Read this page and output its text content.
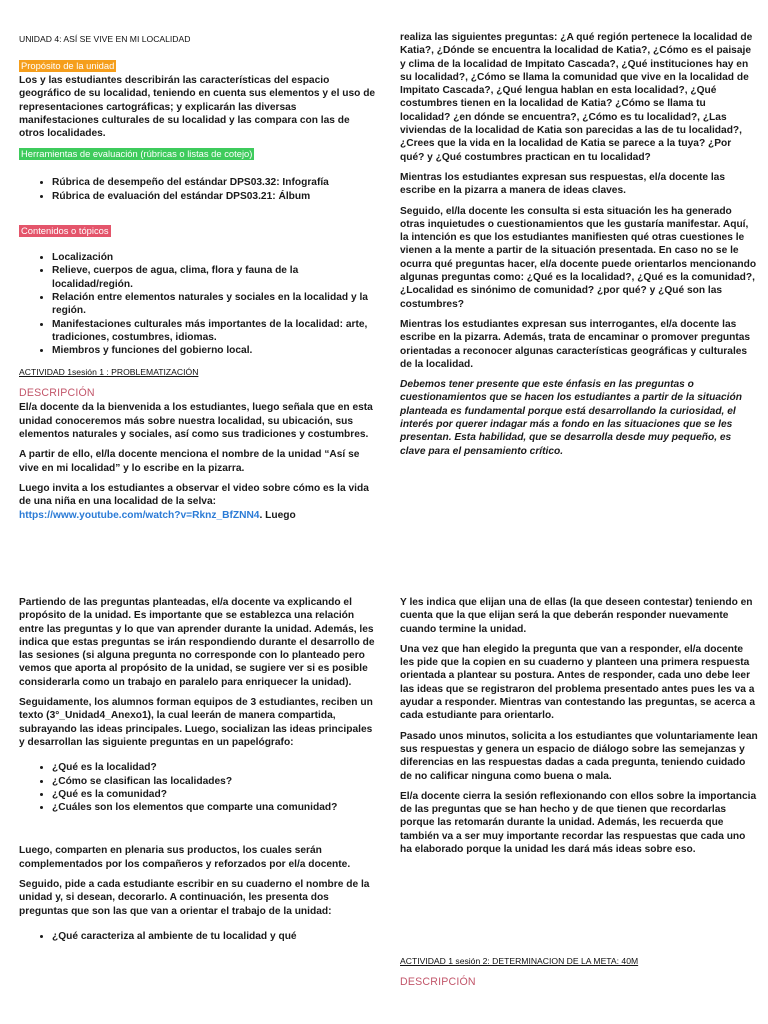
UNIDAD 4: ASÍ SE VIVE EN MI LOCALIDAD
Propósito de la unidad

Los y las estudiantes describirán las características del espacio geográfico de su localidad, teniendo en cuenta sus elementos y el uso de representaciones cartográficas; y explicarán las diversas manifestaciones culturales de su localidad y las compara con las de otros localidades.

Herramientas de evaluación (rúbricas o listas de cotejo)
• Rúbrica de desempeño del estándar DPS03.32: Infografía
• Rúbrica de evaluación del estándar DPS03.21: Álbum
Contenidos o tópicos
• Localización
• Relieve, cuerpos de agua, clima, flora y fauna de la localidad/región.
• Relación entre elementos naturales y sociales en la localidad y la región.
• Manifestaciones culturales más importantes de la localidad: arte, tradiciones, costumbres, idiomas.
• Miembros y funciones del gobierno local.
ACTIVIDAD 1sesión 1 : PROBLEMATIZACIÓN
DESCRIPCIÓN

El/a docente da la bienvenida a los estudiantes, luego señala que en esta unidad conoceremos más sobre nuestra localidad, su ubicación, sus elementos naturales y sociales, así como sus tradiciones y costumbres.

A partir de ello, el/la docente menciona el nombre de la unidad “Así se vive en mi localidad” y lo escribe en la pizarra.

Luego invita a los estudiantes a observar el video sobre cómo es la vida de una niña en una localidad de la selva: https://www.youtube.com/watch?v=Rknz_BfZNN4. Luego

realiza las siguientes preguntas: ¿A qué región pertenece la localidad de Katia?, ¿Dónde se encuentra la localidad de Katia?, ¿Cómo es el paisaje y clima de la localidad de Impitato Cascada?, ¿Qué instituciones hay en su localidad?, ¿Cómo se llama la comunidad que vive en la localidad de Impitato Cascada?, ¿Qué lengua hablan en esta localidad?, ¿Qué costumbres tienen en la localidad de Katia? ¿Cómo se llama tu localidad? ¿en dónde se encuentra?, ¿Cómo es tu localidad?, ¿Las viviendas de la localidad de Katia son parecidas a las de tu localidad?, ¿Crees que la vida en la localidad de Katia se parece a la tuya? ¿Por qué? y ¿Qué costumbres practican en tu localidad?

Mientras los estudiantes expresan sus respuestas, el/a docente las escribe en la pizarra a manera de ideas claves.

Seguido, el/la docente les consulta si esta situación les ha generado otras inquietudes o cuestionamientos que les gustaría manifestar. Aquí, la intención es que los estudiantes manifiesten qué otras cuestiones le vienen a la mente a partir de la situación presentada. En caso no se le ocurra qué preguntas hacer, el/a docente puede orientarlos mencionando algunas preguntas como: ¿Qué es la localidad?, ¿Qué es la comunidad?, ¿Localidad es sinónimo de comunidad? ¿por qué? y ¿Qué son las costumbres?

Mientras los estudiantes expresan sus interrogantes, el/a docente las escribe en la pizarra. Además, trata de encaminar o promover preguntas orientadas a reconocer algunas características geográficas y culturales de la localidad.

Debemos tener presente que este énfasis en las preguntas o cuestionamientos que se hacen los estudiantes a partir de la situación planteada es fundamental porque está desarrollando la curiosidad, el interés por querer indagar más a fondo en las situaciones que se les presentan. Esta habilidad, que se desarrolla desde muy pequeño, es clave para el pensamiento crítico.

Partiendo de las preguntas planteadas, el/a docente va explicando el propósito de la unidad. Es importante que se establezca una relación entre las preguntas y lo que van aprender durante la unidad. Además, les indica que estas preguntas se irán respondiendo durante el desarrollo de las sesiones (si alguna pregunta no corresponde con lo planteado pero vemos que aporta al propósito de la unidad, se sugiere ver si es posible considerarla como un trabajo en paralelo para enriquecer la unidad).

Seguidamente, los alumnos forman equipos de 3 estudiantes, reciben un texto (3°_Unidad4_Anexo1), la cual leerán de manera compartida, subrayando las ideas principales. Luego, socializan las ideas principales y desarrollan las siguiente preguntas en un papelógrafo:

• ¿Qué es la localidad?
• ¿Cómo se clasifican las localidades?
• ¿Qué es la comunidad?
• ¿Cuáles son los elementos que comparte una comunidad?

Luego, comparten en plenaria sus productos, los cuales serán complementados por los compañeros y reforzados por el/a docente.

Seguido, pide a cada estudiante escribir en su cuaderno el nombre de la unidad y, si desean, decorarlo. A continuación, les presenta dos preguntas que son las que van a orientar el trabajo de la unidad:

• ¿Qué caracteriza al ambiente de tu localidad y qué

Y les indica que elijan una de ellas (la que deseen contestar) teniendo en cuenta que la que elijan será la que deberán responder nuevamente cuando termine la unidad.

Una vez que han elegido la pregunta que van a responder, el/a docente les pide que la copien en su cuaderno y planteen una primera respuesta orientada a plantear su postura. Antes de responder, cada uno debe leer las ideas que se registraron del problema presentado antes pues les va a ayudar a responder. Mientras van contestando las preguntas, se acerca a cada estudiante para orientarlo.

Pasado unos minutos, solicita a los estudiantes que voluntariamente lean sus respuestas y genera un espacio de diálogo sobre las semejanzas y diferencias en las respuestas dadas a cada pregunta, teniendo cuidado de no calificar ninguna como buena o mala.

El/a docente cierra la sesión reflexionando con ellos sobre la importancia de las preguntas que se han hecho y de que tienen que recordarlas porque las retomarán durante la unidad. Además, les recuerda que también va a ser muy importante recordar las respuestas que cada uno ha elaborado porque la unidad les dará más ideas sobre eso.

ACTIVIDAD 1 sesión 2: DETERMINACION DE LA META: 40M
DESCRIPCIÓN
